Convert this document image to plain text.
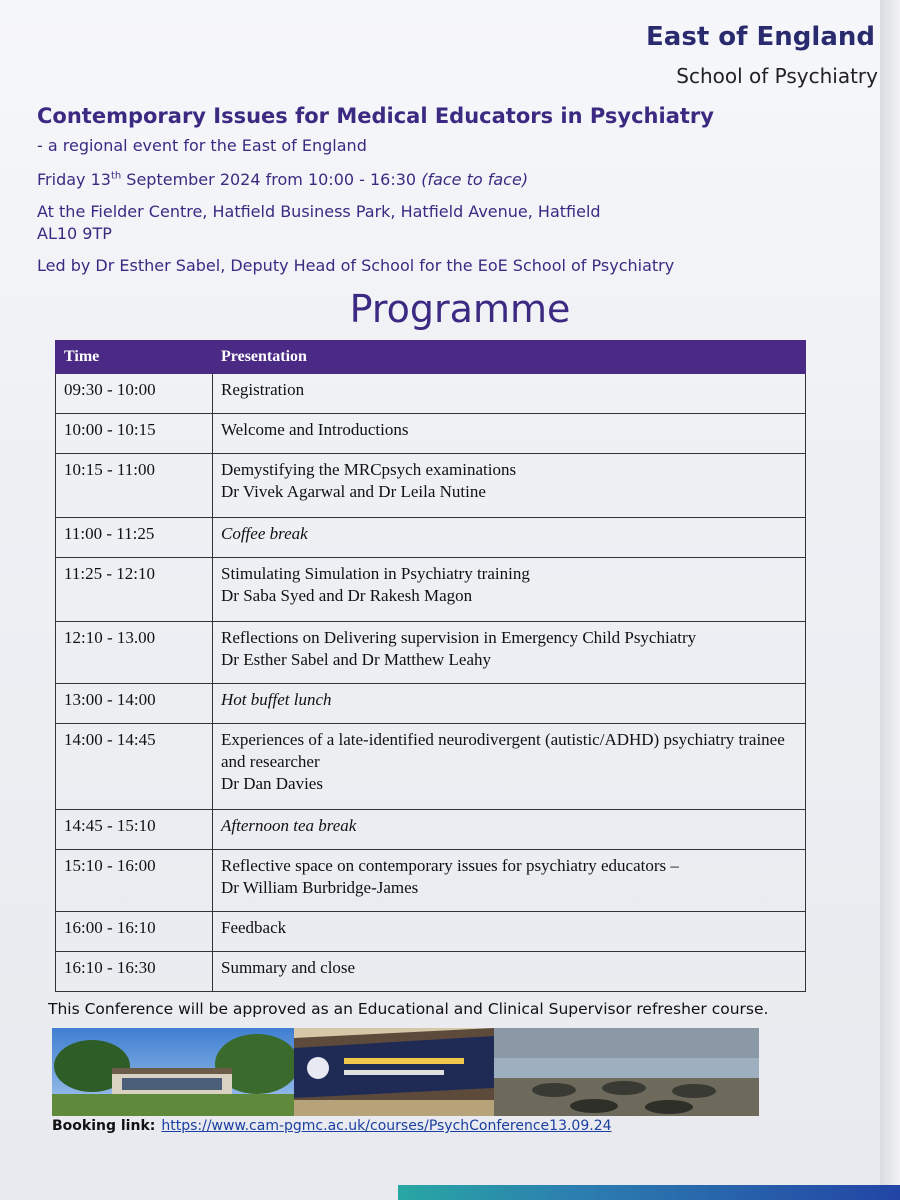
East of England
School of Psychiatry
Contemporary Issues for Medical Educators in Psychiatry
- a regional event for the East of England
Friday 13th September 2024 from 10:00 - 16:30 (face to face)
At the Fielder Centre, Hatfield Business Park, Hatfield Avenue, Hatfield
AL10 9TP
Led by Dr Esther Sabel, Deputy Head of School for the EoE School of Psychiatry
Programme
Time	Presentation
09:30 - 10:00	Registration

10:00 - 10:15	Welcome and Introductions

10:15 - 11:00	Demystifying the MRCpsych examinations
Dr Vivek Agarwal and Dr Leila Nutine

11:00 - 11:25	Coffee break

11:25 - 12:10	Stimulating Simulation in Psychiatry training
Dr Saba Syed and Dr Rakesh Magon

12:10 - 13.00	Reflections on Delivering supervision in Emergency Child Psychiatry
Dr Esther Sabel and Dr Matthew Leahy

13:00 - 14:00	Hot buffet lunch

14:00 - 14:45	Experiences of a late-identified neurodivergent (autistic/ADHD) psychiatry trainee and researcher
Dr Dan Davies

14:45 - 15:10	Afternoon tea break

15:10 - 16:00	Reflective space on contemporary issues for psychiatry educators –
Dr William Burbridge-James

16:00 - 16:10	Feedback

16:10 - 16:30	Summary and close
This Conference will be approved as an Educational and Clinical Supervisor refresher course.
Booking link: https://www.cam-pgmc.ac.uk/courses/PsychConference13.09.24
